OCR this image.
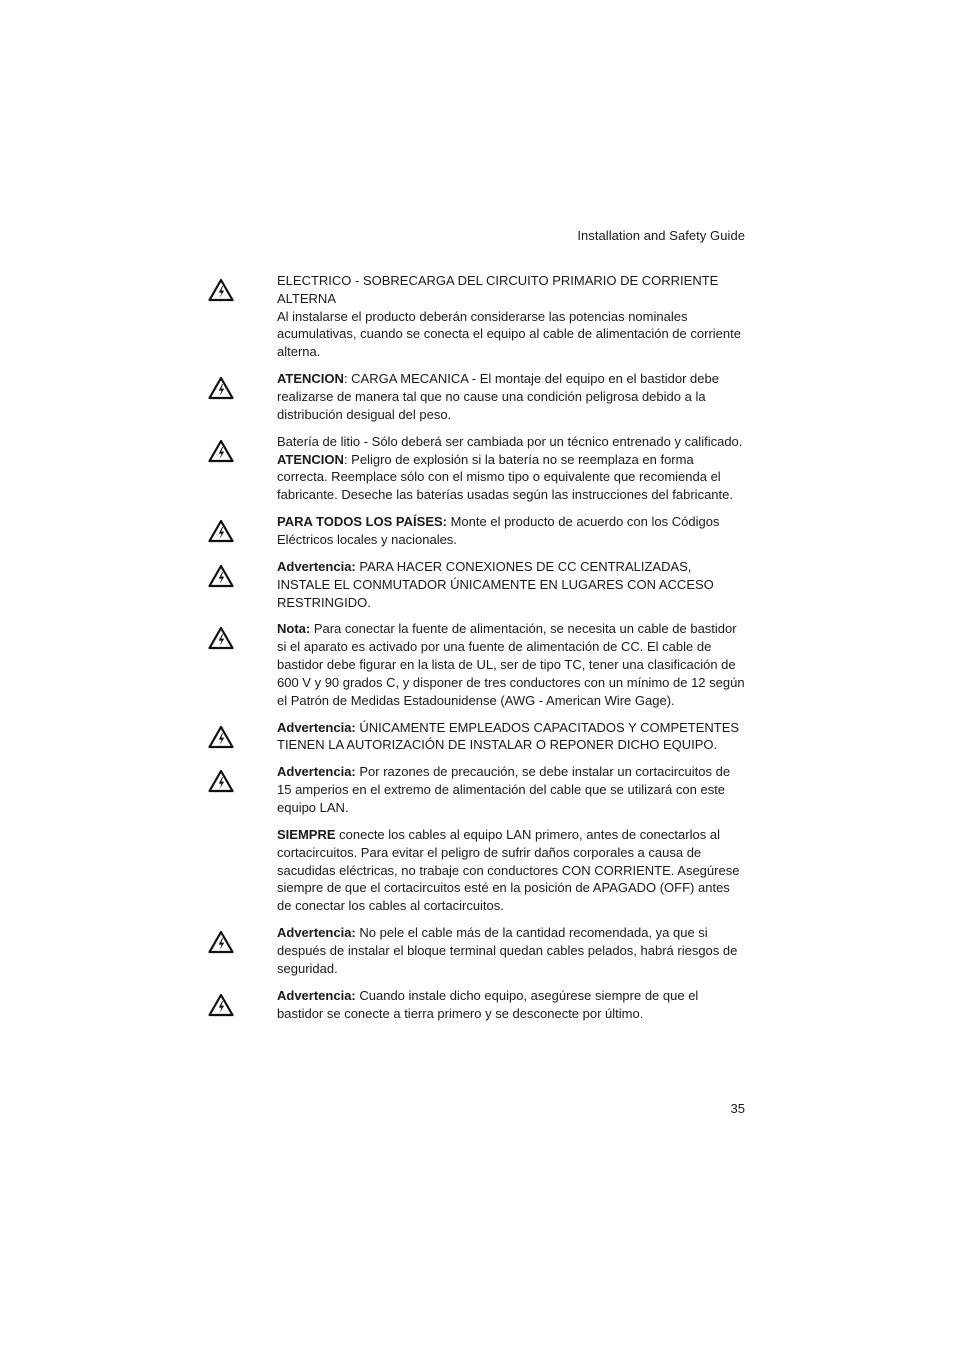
Installation and Safety Guide

ELECTRICO - SOBRECARGA DEL CIRCUITO PRIMARIO DE CORRIENTE ALTERNA

Al instalarse el producto deberán considerarse las potencias nominales acumulativas, cuando se conecta el equipo al cable de alimentación de corriente alterna.

ATENCION: CARGA MECANICA - El montaje del equipo en el bastidor debe realizarse de manera tal que no cause una condición peligrosa debido a la distribución desigual del peso.

Batería de litio - Sólo deberá ser cambiada por un técnico entrenado y calificado.

ATENCION: Peligro de explosión si la batería no se reemplaza en forma correcta. Reemplace sólo con el mismo tipo o equivalente que recomienda el fabricante. Deseche las baterías usadas según las instrucciones del fabricante.

PARA TODOS LOS PAÍSES: Monte el producto de acuerdo con los Códigos Eléctricos locales y nacionales.

Advertencia: PARA HACER CONEXIONES DE CC CENTRALIZADAS, INSTALE EL CONMUTADOR ÚNICAMENTE EN LUGARES CON ACCESO RESTRINGIDO.

Nota: Para conectar la fuente de alimentación, se necesita un cable de bastidor si el aparato es activado por una fuente de alimentación de CC. El cable de bastidor debe figurar en la lista de UL, ser de tipo TC, tener una clasificación de 600 V y 90 grados C, y disponer de tres conductores con un mínimo de 12 según el Patrón de Medidas Estadounidense (AWG - American Wire Gage).

Advertencia: ÚNICAMENTE EMPLEADOS CAPACITADOS Y COMPETENTES TIENEN LA AUTORIZACIÓN DE INSTALAR O REPONER DICHO EQUIPO.

Advertencia: Por razones de precaución, se debe instalar un cortacircuitos de 15 amperios en el extremo de alimentación del cable que se utilizará con este equipo LAN.

SIEMPRE conecte los cables al equipo LAN primero, antes de conectarlos al cortacircuitos. Para evitar el peligro de sufrir daños corporales a causa de sacudidas eléctricas, no trabaje con conductores CON CORRIENTE. Asegúrese siempre de que el cortacircuitos esté en la posición de APAGADO (OFF) antes de conectar los cables al cortacircuitos.

Advertencia: No pele el cable más de la cantidad recomendada, ya que si después de instalar el bloque terminal quedan cables pelados, habrá riesgos de seguridad.

Advertencia: Cuando instale dicho equipo, asegúrese siempre de que el bastidor se conecte a tierra primero y se desconecte por último.

35
